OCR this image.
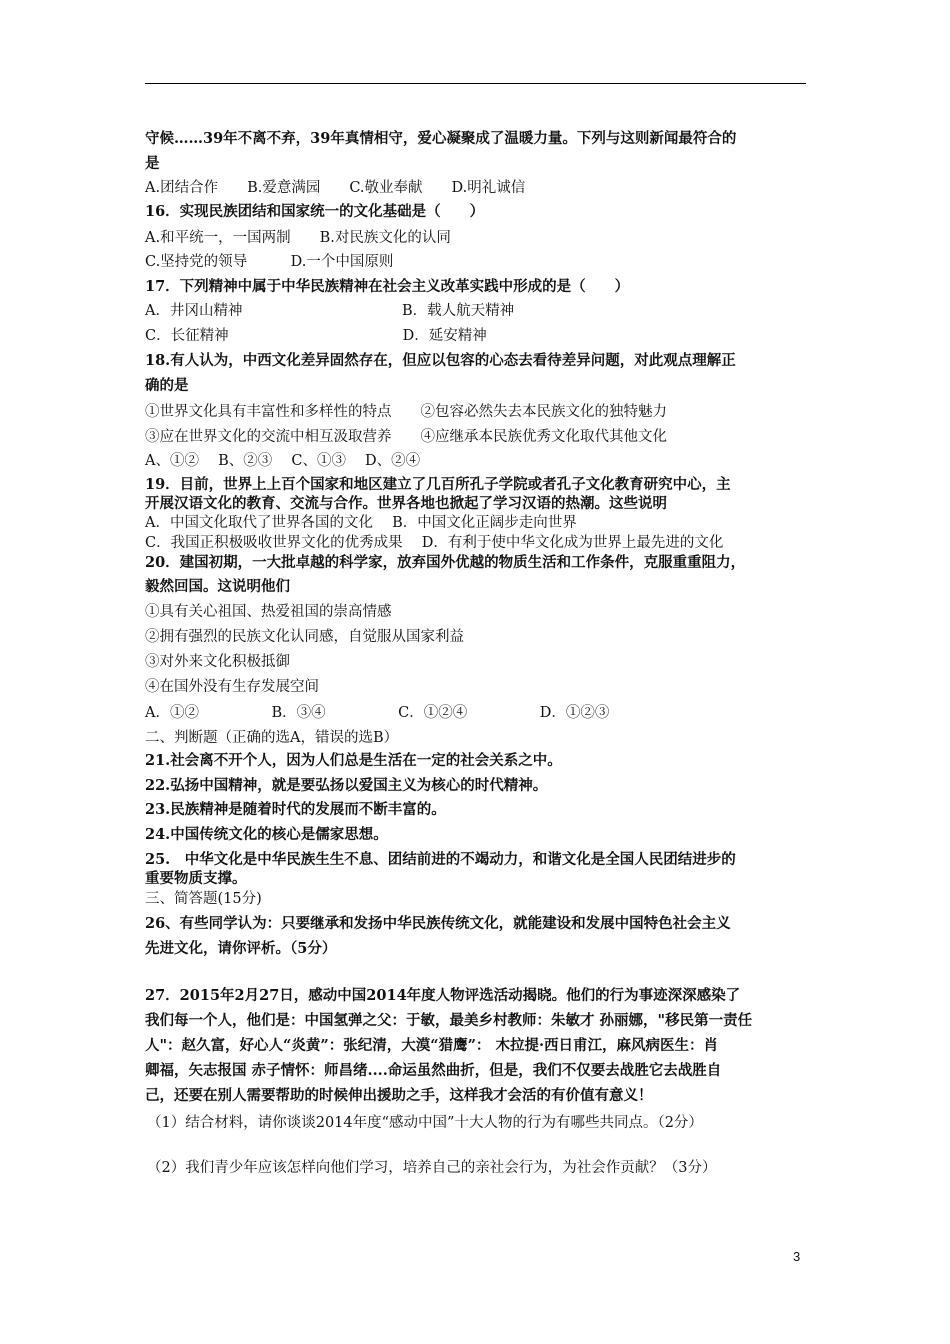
守候……39年不离不弃，39年真情相守，爱心凝聚成了温暖力量。下列与这则新闻最符合的
是
A.团结合作　　B.爱意满园　　C.敬业奉献　　D.明礼诚信
16．实现民族团结和国家统一的文化基础是（　　）
A.和平统一，一国两制　　B.对民族文化的认同
C.坚持党的领导　　　D.一个中国原则
17．下列精神中属于中华民族精神在社会主义改革实践中形成的是（　　）
A．井冈山精神　　　　　　　　　　　B．载人航天精神
C．长征精神　　　　　　　　　　　　D．延安精神
18.有人认为，中西文化差异固然存在，但应以包容的心态去看待差异问题，对此观点理解正
确的是
①世界文化具有丰富性和多样性的特点　　②包容必然失去本民族文化的独特魅力
③应在世界文化的交流中相互汲取营养　　④应继承本民族优秀文化取代其他文化
A、①②　 B、②③　 C、①③　 D、②④
19．目前，世界上上百个国家和地区建立了几百所孔子学院或者孔子文化教育研究中心，主
开展汉语文化的教育、交流与合作。世界各地也掀起了学习汉语的热潮。这些说明
A．中国文化取代了世界各国的文化　 B．中国文化正阔步走向世界
C．我国正积极吸收世界文化的优秀成果　 D．有利于使中华文化成为世界上最先进的文化
20．建国初期，一大批卓越的科学家，放弃国外优越的物质生活和工作条件，克服重重阻力，
毅然回国。这说明他们
①具有关心祖国、热爱祖国的崇高情感
②拥有强烈的民族文化认同感，自觉服从国家利益
③对外来文化积极抵御
④在国外没有生存发展空间
A．①②　　　　　B．③④　　　　　C．①②④　　　　　D．①②③
二、判断题（正确的选A，错误的选B）
21.社会离不开个人，因为人们总是生活在一定的社会关系之中。
22.弘扬中国精神，就是要弘扬以爱国主义为核心的时代精神。
23.民族精神是随着时代的发展而不断丰富的。
24.中国传统文化的核心是儒家思想。
25.　中华文化是中华民族生生不息、团结前进的不竭动力，和谐文化是全国人民团结进步的
重要物质支撑。
三、简答题(15分)
26、有些同学认为：只要继承和发扬中华民族传统文化，就能建设和发展中国特色社会主义
先进文化，请你评析。（5分）
27．2015年2月27日，感动中国2014年度人物评选活动揭晓。他们的行为事迹深深感染了
我们每一个人，他们是：中国氢弹之父：于敏，最美乡村教师：朱敏才 孙丽娜，"移民第一责任
人"：赵久富，好心人“炎黄”：张纪清，大漠“猎鹰”： 木拉提·西日甫江，麻风病医生：肖
卿福，矢志报国 赤子情怀：师昌绪....命运虽然曲折，但是，我们不仅要去战胜它去战胜自
己，还要在别人需要帮助的时候伸出援助之手，这样我才会活的有价值有意义！
（1）结合材料，请你谈谈2014年度“感动中国”十大人物的行为有哪些共同点。（2分）
（2）我们青少年应该怎样向他们学习，培养自己的亲社会行为，为社会作贡献？（3分）
3
